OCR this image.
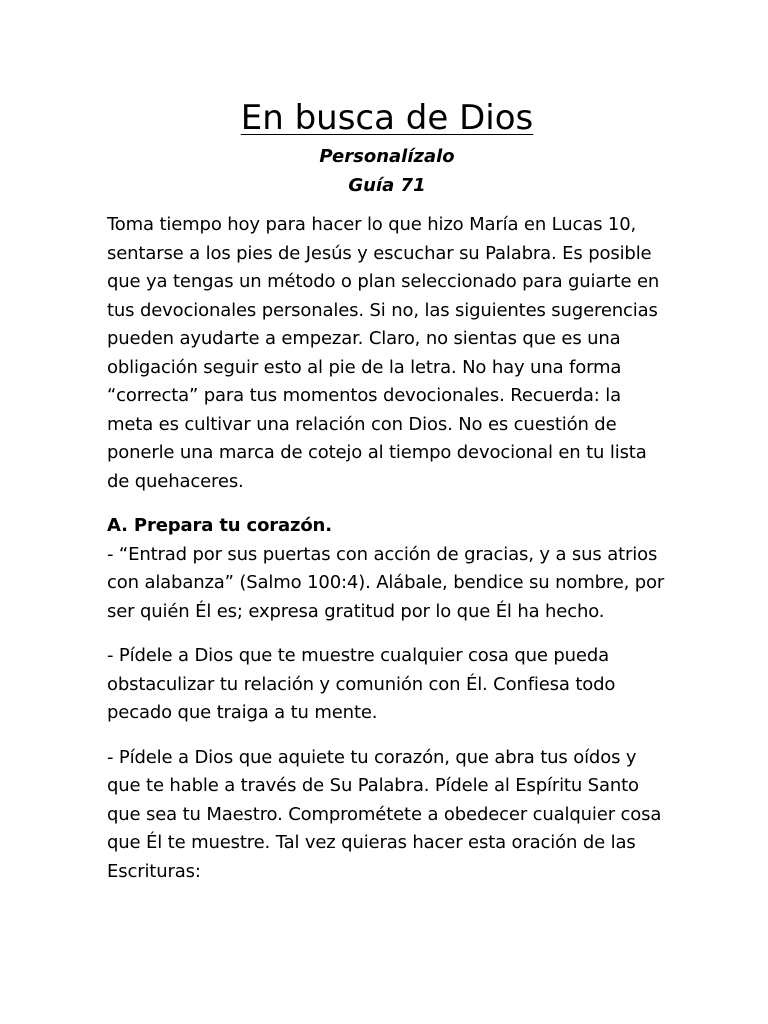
En busca de Dios

Personalízalo

Guía 71

Toma tiempo hoy para hacer lo que hizo María en Lucas 10, sentarse a los pies de Jesús y escuchar su Palabra. Es posible que ya tengas un método o plan seleccionado para guiarte en tus devocionales personales. Si no, las siguientes sugerencias pueden ayudarte a empezar. Claro, no sientas que es una obligación seguir esto al pie de la letra. No hay una forma “correcta” para tus momentos devocionales. Recuerda: la meta es cultivar una relación con Dios. No es cuestión de ponerle una marca de cotejo al tiempo devocional en tu lista de quehaceres.

A. Prepara tu corazón.

- “Entrad por sus puertas con acción de gracias, y a sus atrios con alabanza” (Salmo 100:4). Alábale, bendice su nombre, por ser quién Él es; expresa gratitud por lo que Él ha hecho.

- Pídele a Dios que te muestre cualquier cosa que pueda obstaculizar tu relación y comunión con Él. Confiesa todo pecado que traiga a tu mente.

- Pídele a Dios que aquiete tu corazón, que abra tus oídos y que te hable a través de Su Palabra. Pídele al Espíritu Santo que sea tu Maestro. Comprométete a obedecer cualquier cosa que Él te muestre. Tal vez quieras hacer esta oración de las Escrituras:
